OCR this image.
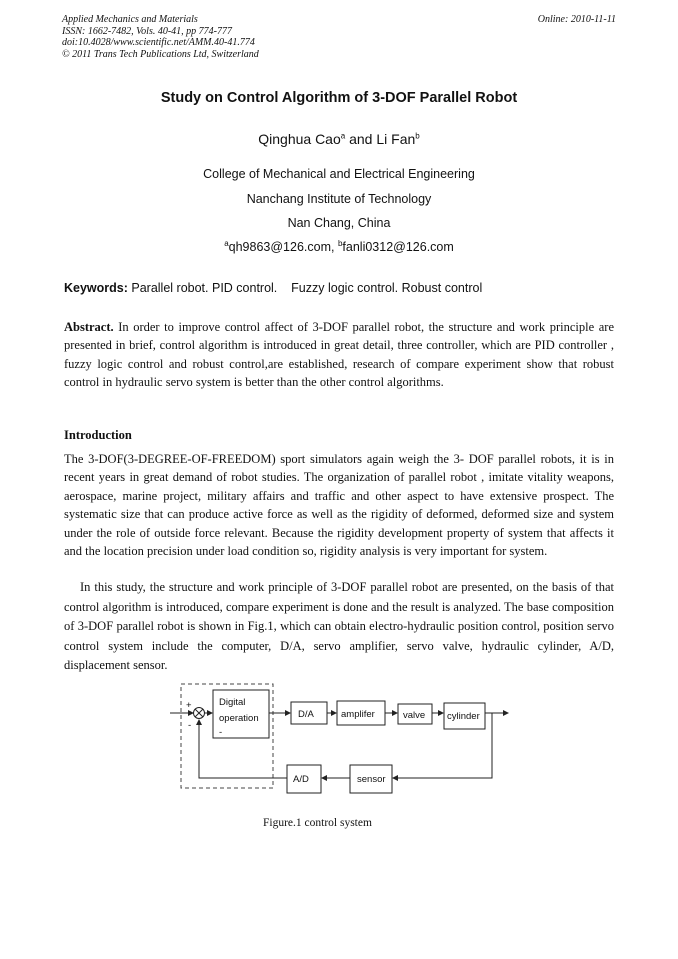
Applied Mechanics and Materials
ISSN: 1662-7482, Vols. 40-41, pp 774-777
doi:10.4028/www.scientific.net/AMM.40-41.774
© 2011 Trans Tech Publications Ltd, Switzerland
Online: 2010-11-11
Study on Control Algorithm of 3-DOF Parallel Robot
Qinghua Cao$^a$ and Li Fan$^b$
College of Mechanical and Electrical Engineering
Nanchang Institute of Technology
Nan Chang, China
$^a$qh9863@126.com, $^b$fanli0312@126.com
Keywords: Parallel robot. PID control.    Fuzzy logic control. Robust control

Abstract. In order to improve control affect of 3-DOF parallel robot, the structure and work principle are presented in brief, control algorithm is introduced in great detail, three controller, which are PID controller , fuzzy logic control and robust control,are established, research of compare experiment show that robust control in hydraulic servo system is better than the other control algorithms.

Introduction

The 3-DOF(3-DEGREE-OF-FREEDOM) sport simulators again weigh the 3- DOF parallel robots, it is in recent years in great demand of robot studies. The organization of parallel robot , imitate vitality weapons, aerospace, marine project, military affairs and traffic and other aspect to have extensive prospect. The systematic size that can produce active force as well as the rigidity of deformed, deformed size and system under the role of outside force relevant. Because the rigidity development property of system that affects it and the location precision under load condition so, rigidity analysis is very important for system.

In this study, the structure and work principle of 3-DOF parallel robot are presented, on the basis of that control algorithm is introduced, compare experiment is done and the result is analyzed. The base composition of 3-DOF parallel robot is shown in Fig.1, which can obtain electro-hydraulic position control, position servo control system include the computer, D/A, servo amplifier, servo valve, hydraulic cylinder, A/D, displacement sensor.

+
-
Digital
operation
-
D/A	amplifer	valve cylinder
sensor
A/D
Figure.1 control system
